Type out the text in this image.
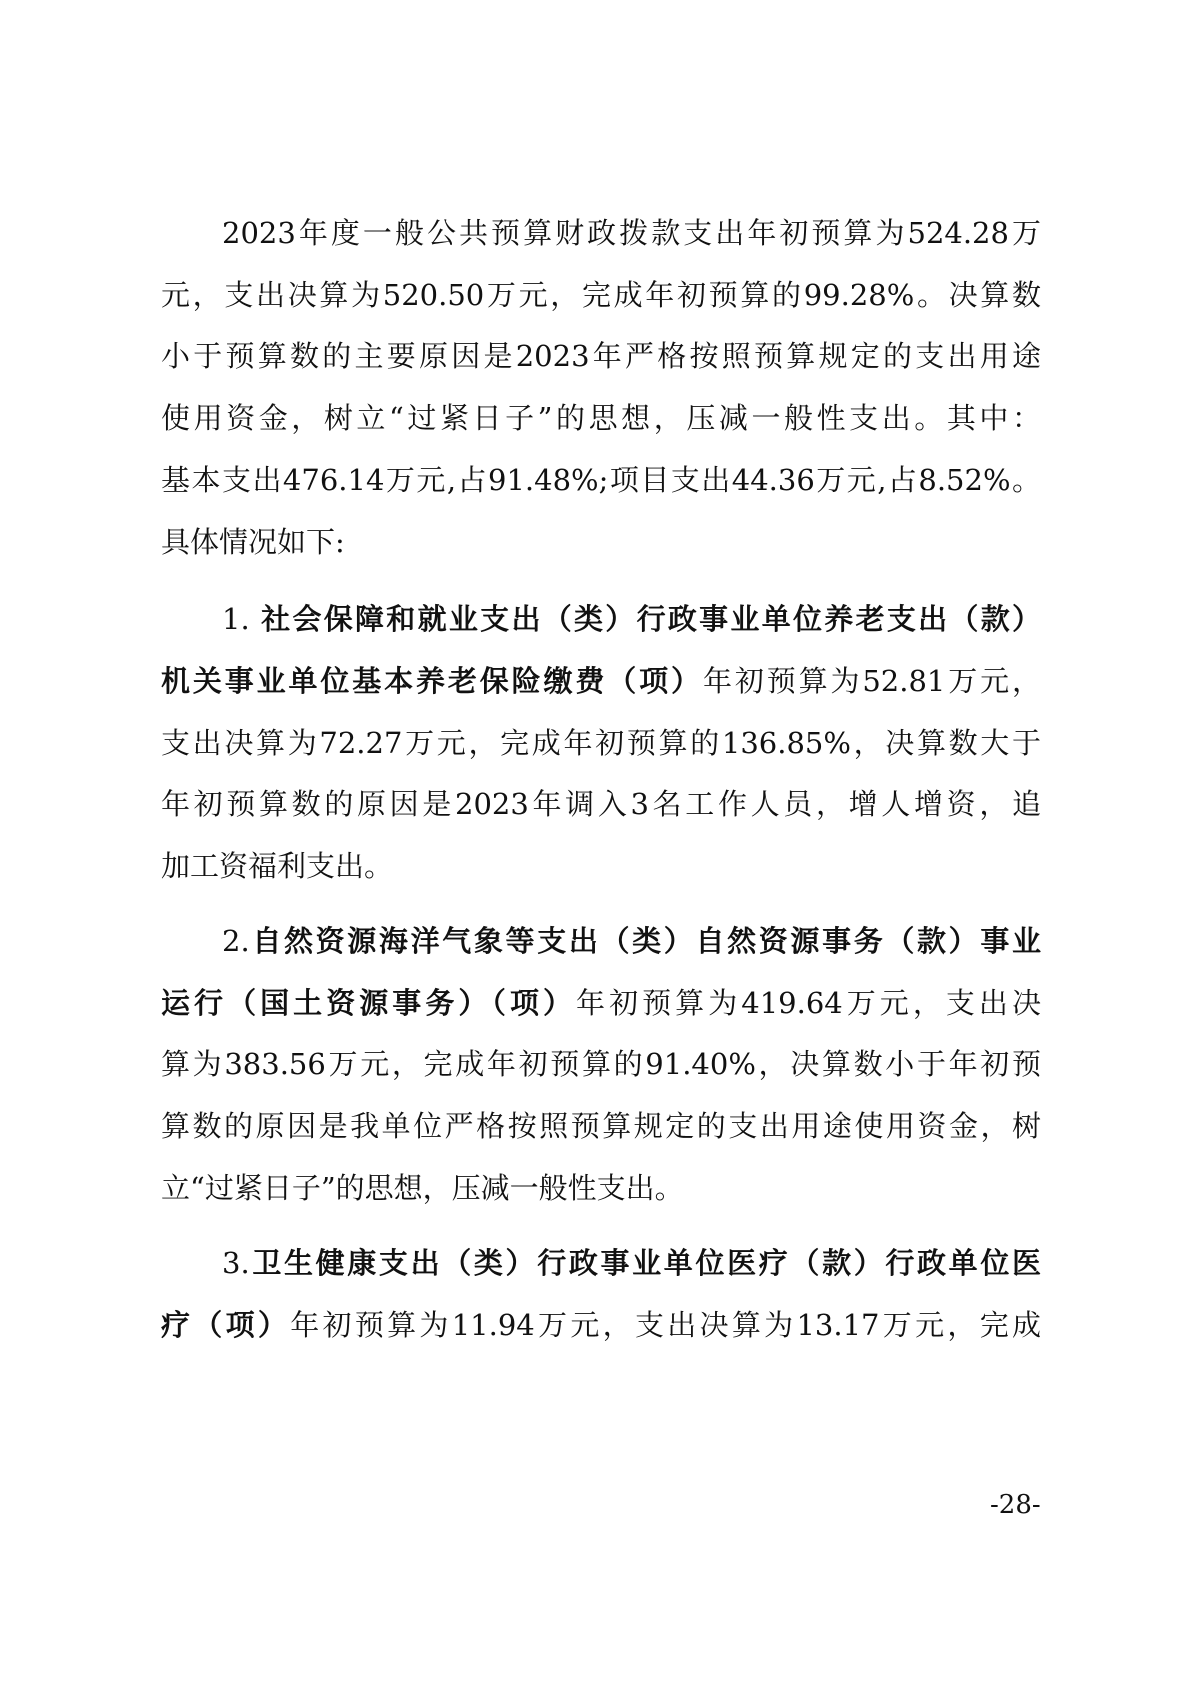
2023年度一般公共预算财政拨款支出年初预算为524.28万
元，支出决算为520.50万元，完成年初预算的99.28%。决算数
小于预算数的主要原因是2023年严格按照预算规定的支出用途
使用资金，树立“过紧日子”的思想，压减一般性支出。其中：
基本支出476.14万元,占91.48%;项目支出44.36万元,占8.52%。
具体情况如下:
1. 社会保障和就业支出（类）行政事业单位养老支出（款）
机关事业单位基本养老保险缴费（项）年初预算为52.81万元，
支出决算为72.27万元，完成年初预算的136.85%，决算数大于
年初预算数的原因是2023年调入3名工作人员，增人增资，追
加工资福利支出。
2.自然资源海洋气象等支出（类）自然资源事务（款）事业
运行（国土资源事务）（项）年初预算为419.64万元，支出决
算为383.56万元，完成年初预算的91.40%，决算数小于年初预
算数的原因是我单位严格按照预算规定的支出用途使用资金，树
立“过紧日子”的思想，压减一般性支出。
3.卫生健康支出（类）行政事业单位医疗（款）行政单位医
疗（项）年初预算为11.94万元，支出决算为13.17万元，完成
-28-
